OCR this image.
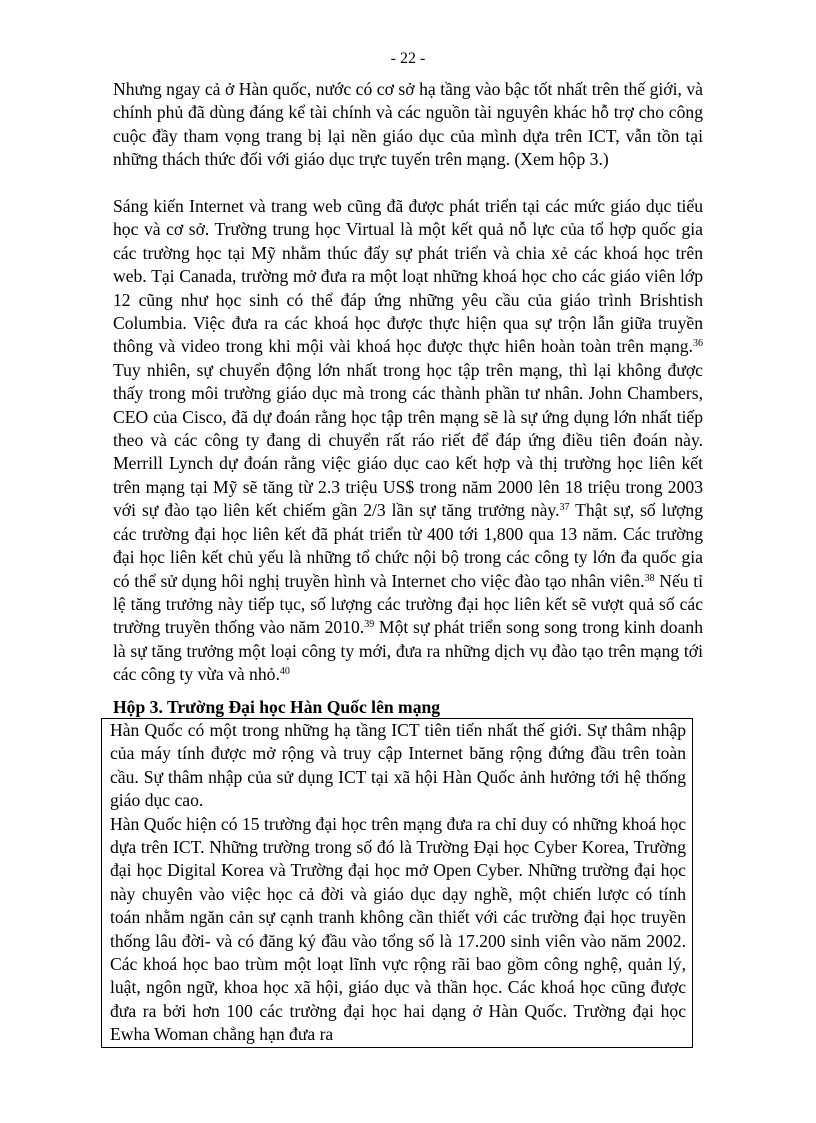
- 22 -
Nhưng ngay cả ở Hàn quốc, nước có cơ sở hạ tầng vào bậc tốt nhất trên thế giới, và chính phủ đã dùng đáng kể tài chính và các nguồn tài nguyên khác hỗ trợ cho công cuộc đầy tham vọng trang bị lại nền giáo dục của mình dựa trên ICT, vẫn tồn tại những thách thức đối với giáo dục trực tuyến trên mạng. (Xem hộp 3.)
Sáng kiến Internet và trang web cũng đã được phát triển tại các mức giáo dục tiểu học và cơ sở. Trường trung học Virtual là một kết quả nỗ lực của tổ hợp quốc gia các trường học tại Mỹ nhằm thúc đẩy sự phát triển và chia xẻ các khoá học trên web. Tại Canada, trường mở đưa ra một loạt những khoá học cho các giáo viên lớp 12 cũng như học sinh có thể đáp ứng những yêu cầu của giáo trình Brishtish Columbia. Việc đưa ra các khoá học được thực hiện qua sự trộn lẫn giữa truyền thông và video trong khi mội vài khoá học được thực hiên hoàn toàn trên mạng.$^{36}$ Tuy nhiên, sự chuyển động lớn nhất trong học tập trên mạng, thì lại không được thấy trong môi trường giáo dục mà trong các thành phần tư nhân. John Chambers, CEO của Cisco, đã dự đoán rằng học tập trên mạng sẽ là sự ứng dụng lớn nhất tiếp theo và các công ty đang di chuyển rất ráo riết để đáp ứng điều tiên đoán này. Merrill Lynch dự đoán rằng việc giáo dục cao kết hợp và thị trường học liên kết trên mạng tại Mỹ sẽ tăng từ 2.3 triệu US$ trong năm 2000 lên 18 triệu trong 2003 với sự đào tạo liên kết chiếm gần 2/3 lần sự tăng trưởng này.$^{37}$ Thật sự, số lượng các trường đại học liên kết đã phát triển từ 400 tới 1,800 qua 13 năm. Các trường đại học liên kết chủ yếu là những tổ chức nội bộ trong các công ty lớn đa quốc gia có thể sử dụng hôi nghị truyền hình và Internet cho việc đào tạo nhân viên.$^{38}$ Nếu tỉ lệ tăng trưởng này tiếp tục, số lượng các trường đại học liên kết sẽ vượt quả số các trường truyền thống vào năm 2010.39 Một sự phát triển song song trong kinh doanh là sự tăng trưởng một loại công ty mới, đưa ra những dịch vụ đào tạo trên mạng tới các công ty vừa và nhỏ.$^{40}$
Hộp 3. Trường Đại học Hàn Quốc lên mạng

Hàn Quốc có một trong những hạ tầng ICT tiên tiến nhất thế giới. Sự thâm nhập của máy tính được mở rộng và truy cập Internet băng rộng đứng đầu trên toàn cầu. Sự thâm nhập của sử dụng ICT tại xã hội Hàn Quốc ảnh hưởng tới hệ thống giáo dục cao.

Hàn Quốc hiện có 15 trường đại học trên mạng đưa ra chỉ duy có những khoá học dựa trên ICT. Những trường trong số đó là Trường Đại học Cyber Korea, Trường đại học Digital Korea và Trường đại học mở Open Cyber. Những trường đại học này chuyên vào việc học cả đời và giáo dục dạy nghề, một chiến lược có tính toán nhằm ngăn cản sự cạnh tranh không cần thiết với các trường đại học truyền thống lâu đời- và có đăng ký đầu vào tổng số là 17.200 sinh viên vào năm 2002. Các khoá học bao trùm một loạt lĩnh vực rộng rãi bao gồm công nghệ, quản lý, luật, ngôn ngữ, khoa học xã hội, giáo dục và thần học. Các khoá học cũng được đưa ra bởi hơn 100 các trường đại học hai dạng ở Hàn Quốc. Trường đại học Ewha Woman chẳng hạn đưa ra
